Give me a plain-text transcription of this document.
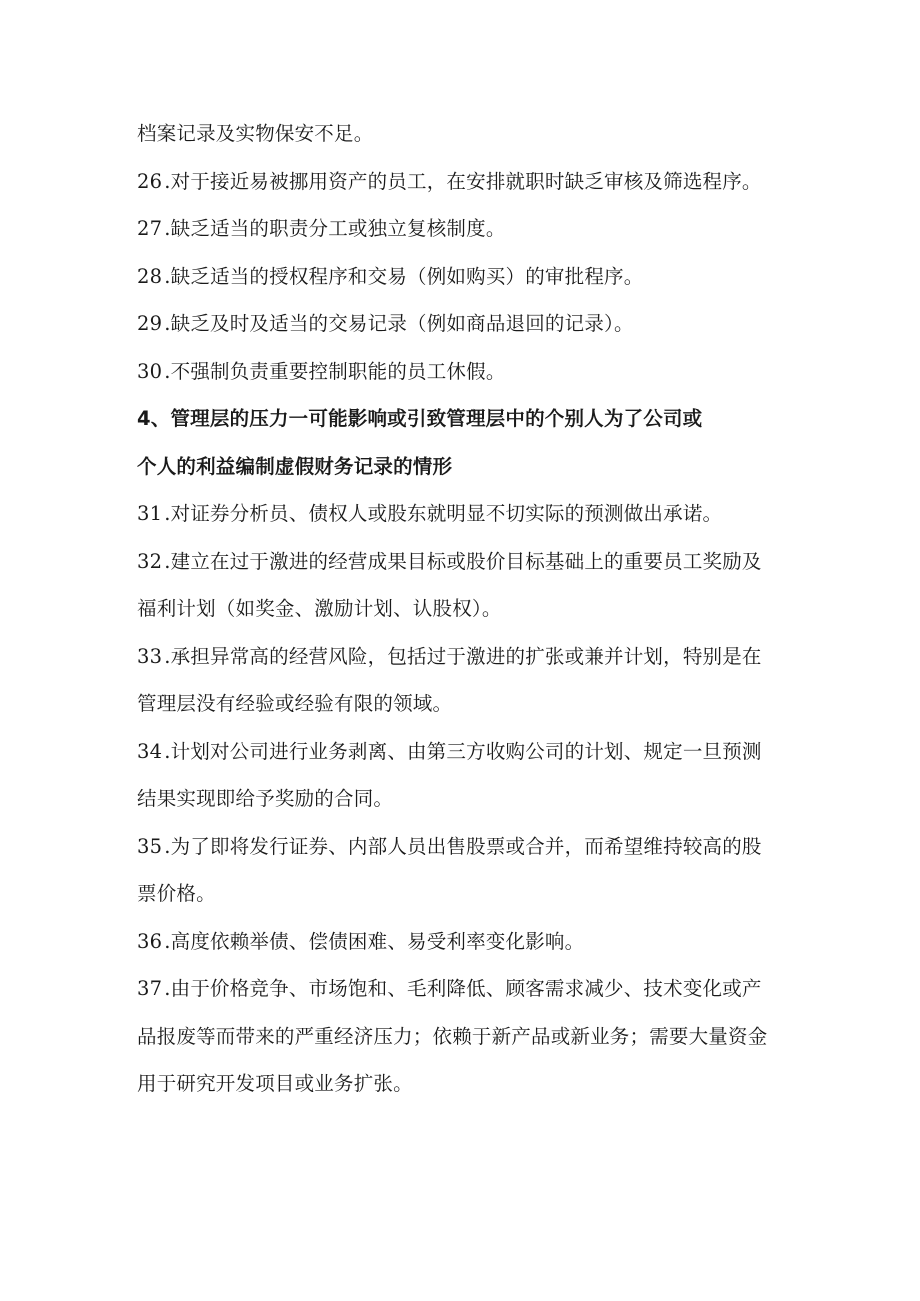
档案记录及实物保安不足。
26 .对于接近易被挪用资产的员工，在安排就职时缺乏审核及筛选程序。
27 .缺乏适当的职责分工或独立复核制度。
28 .缺乏适当的授权程序和交易（例如购买）的审批程序。
29 .缺乏及时及适当的交易记录（例如商品退回的记录）。
30 .不强制负责重要控制职能的员工休假。
4、管理层的压力一可能影响或引致管理层中的个别人为了公司或
个人的利益编制虚假财务记录的情形
31 .对证券分析员、债权人或股东就明显不切实际的预测做出承诺。
32 .建立在过于激进的经营成果目标或股价目标基础上的重要员工奖励及
福利计划（如奖金、激励计划、认股权）。
33 .承担异常高的经营风险，包括过于激进的扩张或兼并计划，特别是在
管理层没有经验或经验有限的领域。
34 .计划对公司进行业务剥离、由第三方收购公司的计划、规定一旦预测
结果实现即给予奖励的合同。
35 .为了即将发行证券、内部人员出售股票或合并，而希望维持较高的股
票价格。
36 .高度依赖举债、偿债困难、易受利率变化影响。
37 .由于价格竞争、市场饱和、毛利降低、顾客需求减少、技术变化或产
品报废等而带来的严重经济压力；依赖于新产品或新业务；需要大量资金
用于研究开发项目或业务扩张。
